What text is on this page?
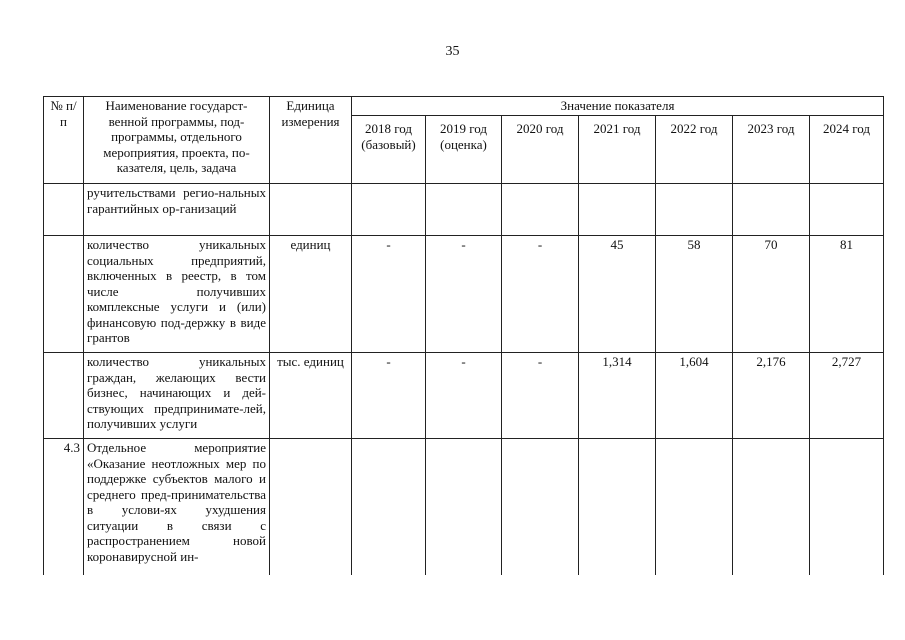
35
№ п/п	Наименование государст-венной программы, под-программы, отдельного мероприятия, проекта, по-казателя, цель, задача	Единица измерения	Значение показателя						
			2018 год (базовый)	2019 год (оценка)	2020 год	2021 год	2022 год	2023 год	2024 год
	ручительствами регио-нальных гарантийных ор-ганизаций								
	количество уникальных социальных предприятий, включенных в реестр, в том числе получивших комплексные услуги и (или) финансовую под-держку в виде грантов	единиц	-	-	-	45	58	70	81
	количество уникальных граждан, желающих вести бизнес, начинающих и дей-ствующих предпринимате-лей, получивших услуги	тыс. единиц	-	-	-	1,314	1,604	2,176	2,727
4.3	Отдельное мероприятие «Оказание неотложных мер по поддержке субъектов малого и среднего пред-принимательства в услови-ях ухудшения ситуации в связи с распространением новой коронавирусной ин-								
